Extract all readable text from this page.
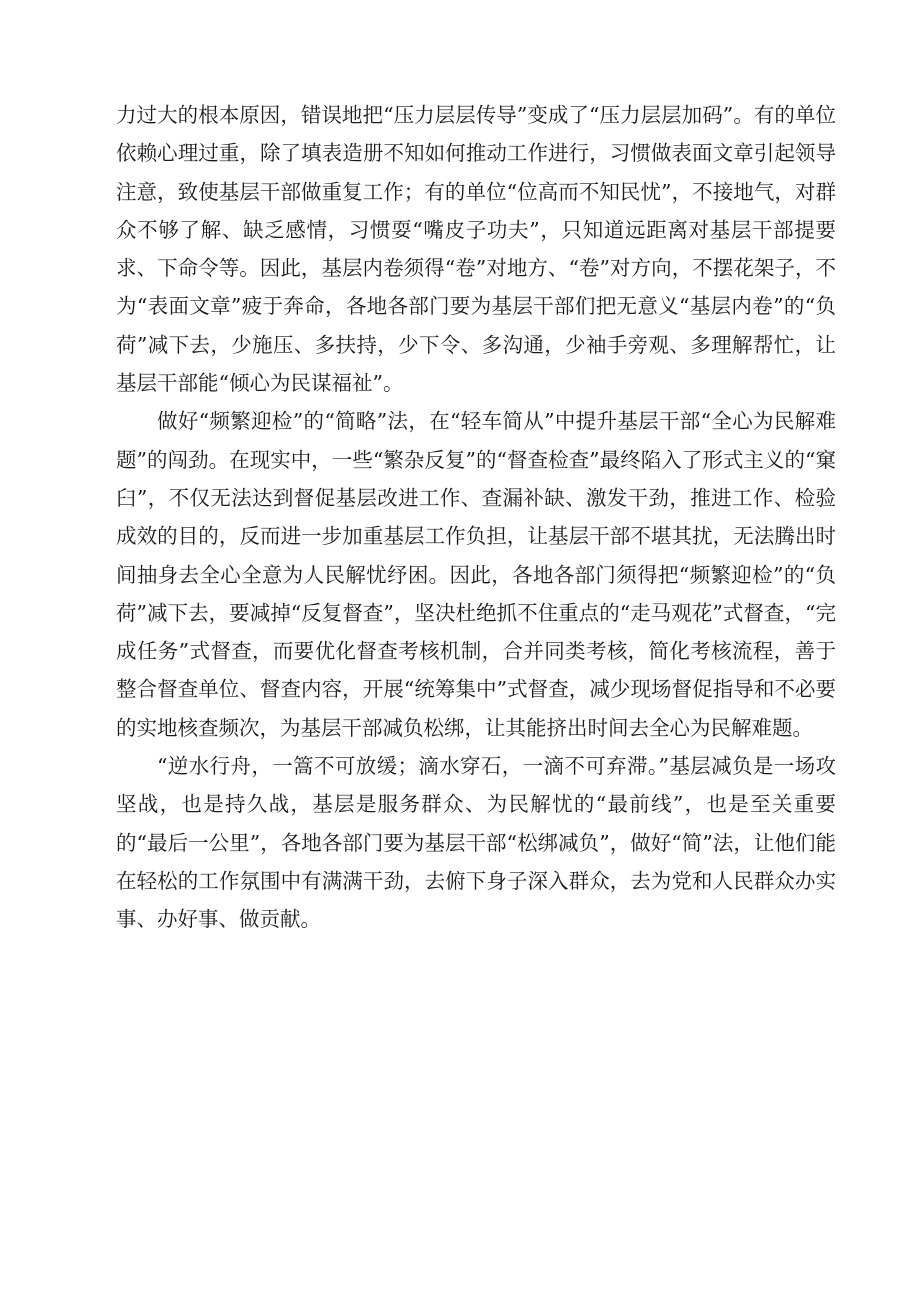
力过大的根本原因，错误地把“压力层层传导”变成了“压力层层加码”。有的单位依赖心理过重，除了填表造册不知如何推动工作进行，习惯做表面文章引起领导注意，致使基层干部做重复工作；有的单位“位高而不知民忧”，不接地气，对群众不够了解、缺乏感情，习惯耍“嘴皮子功夫”，只知道远距离对基层干部提要求、下命令等。因此，基层内卷须得“卷”对地方、“卷”对方向，不摆花架子，不为“表面文章”疲于奔命，各地各部门要为基层干部们把无意义“基层内卷”的“负荷”减下去，少施压、多扶持，少下令、多沟通，少袖手旁观、多理解帮忙，让基层干部能“倾心为民谋福祉”。

做好“频繁迎检”的“简略”法，在“轻车简从”中提升基层干部“全心为民解难题”的闯劲。在现实中，一些“繁杂反复”的“督查检查”最终陷入了形式主义的“窠臼”，不仅无法达到督促基层改进工作、查漏补缺、激发干劲，推进工作、检验成效的目的，反而进一步加重基层工作负担，让基层干部不堪其扰，无法腾出时间抽身去全心全意为人民解忧纾困。因此，各地各部门须得把“频繁迎检”的“负荷”减下去，要减掉“反复督查”，坚决杜绝抓不住重点的“走马观花”式督查，“完成任务”式督查，而要优化督查考核机制，合并同类考核，简化考核流程，善于整合督查单位、督查内容，开展“统筹集中”式督查，减少现场督促指导和不必要的实地核查频次，为基层干部减负松绑，让其能挤出时间去全心为民解难题。

“逆水行舟，一篙不可放缓；滴水穿石，一滴不可弃滞。”基层减负是一场攻坚战，也是持久战，基层是服务群众、为民解忧的“最前线”，也是至关重要的“最后一公里”，各地各部门要为基层干部“松绑减负”，做好“简”法，让他们能在轻松的工作氛围中有满满干劲，去俯下身子深入群众，去为党和人民群众办实事、办好事、做贡献。
